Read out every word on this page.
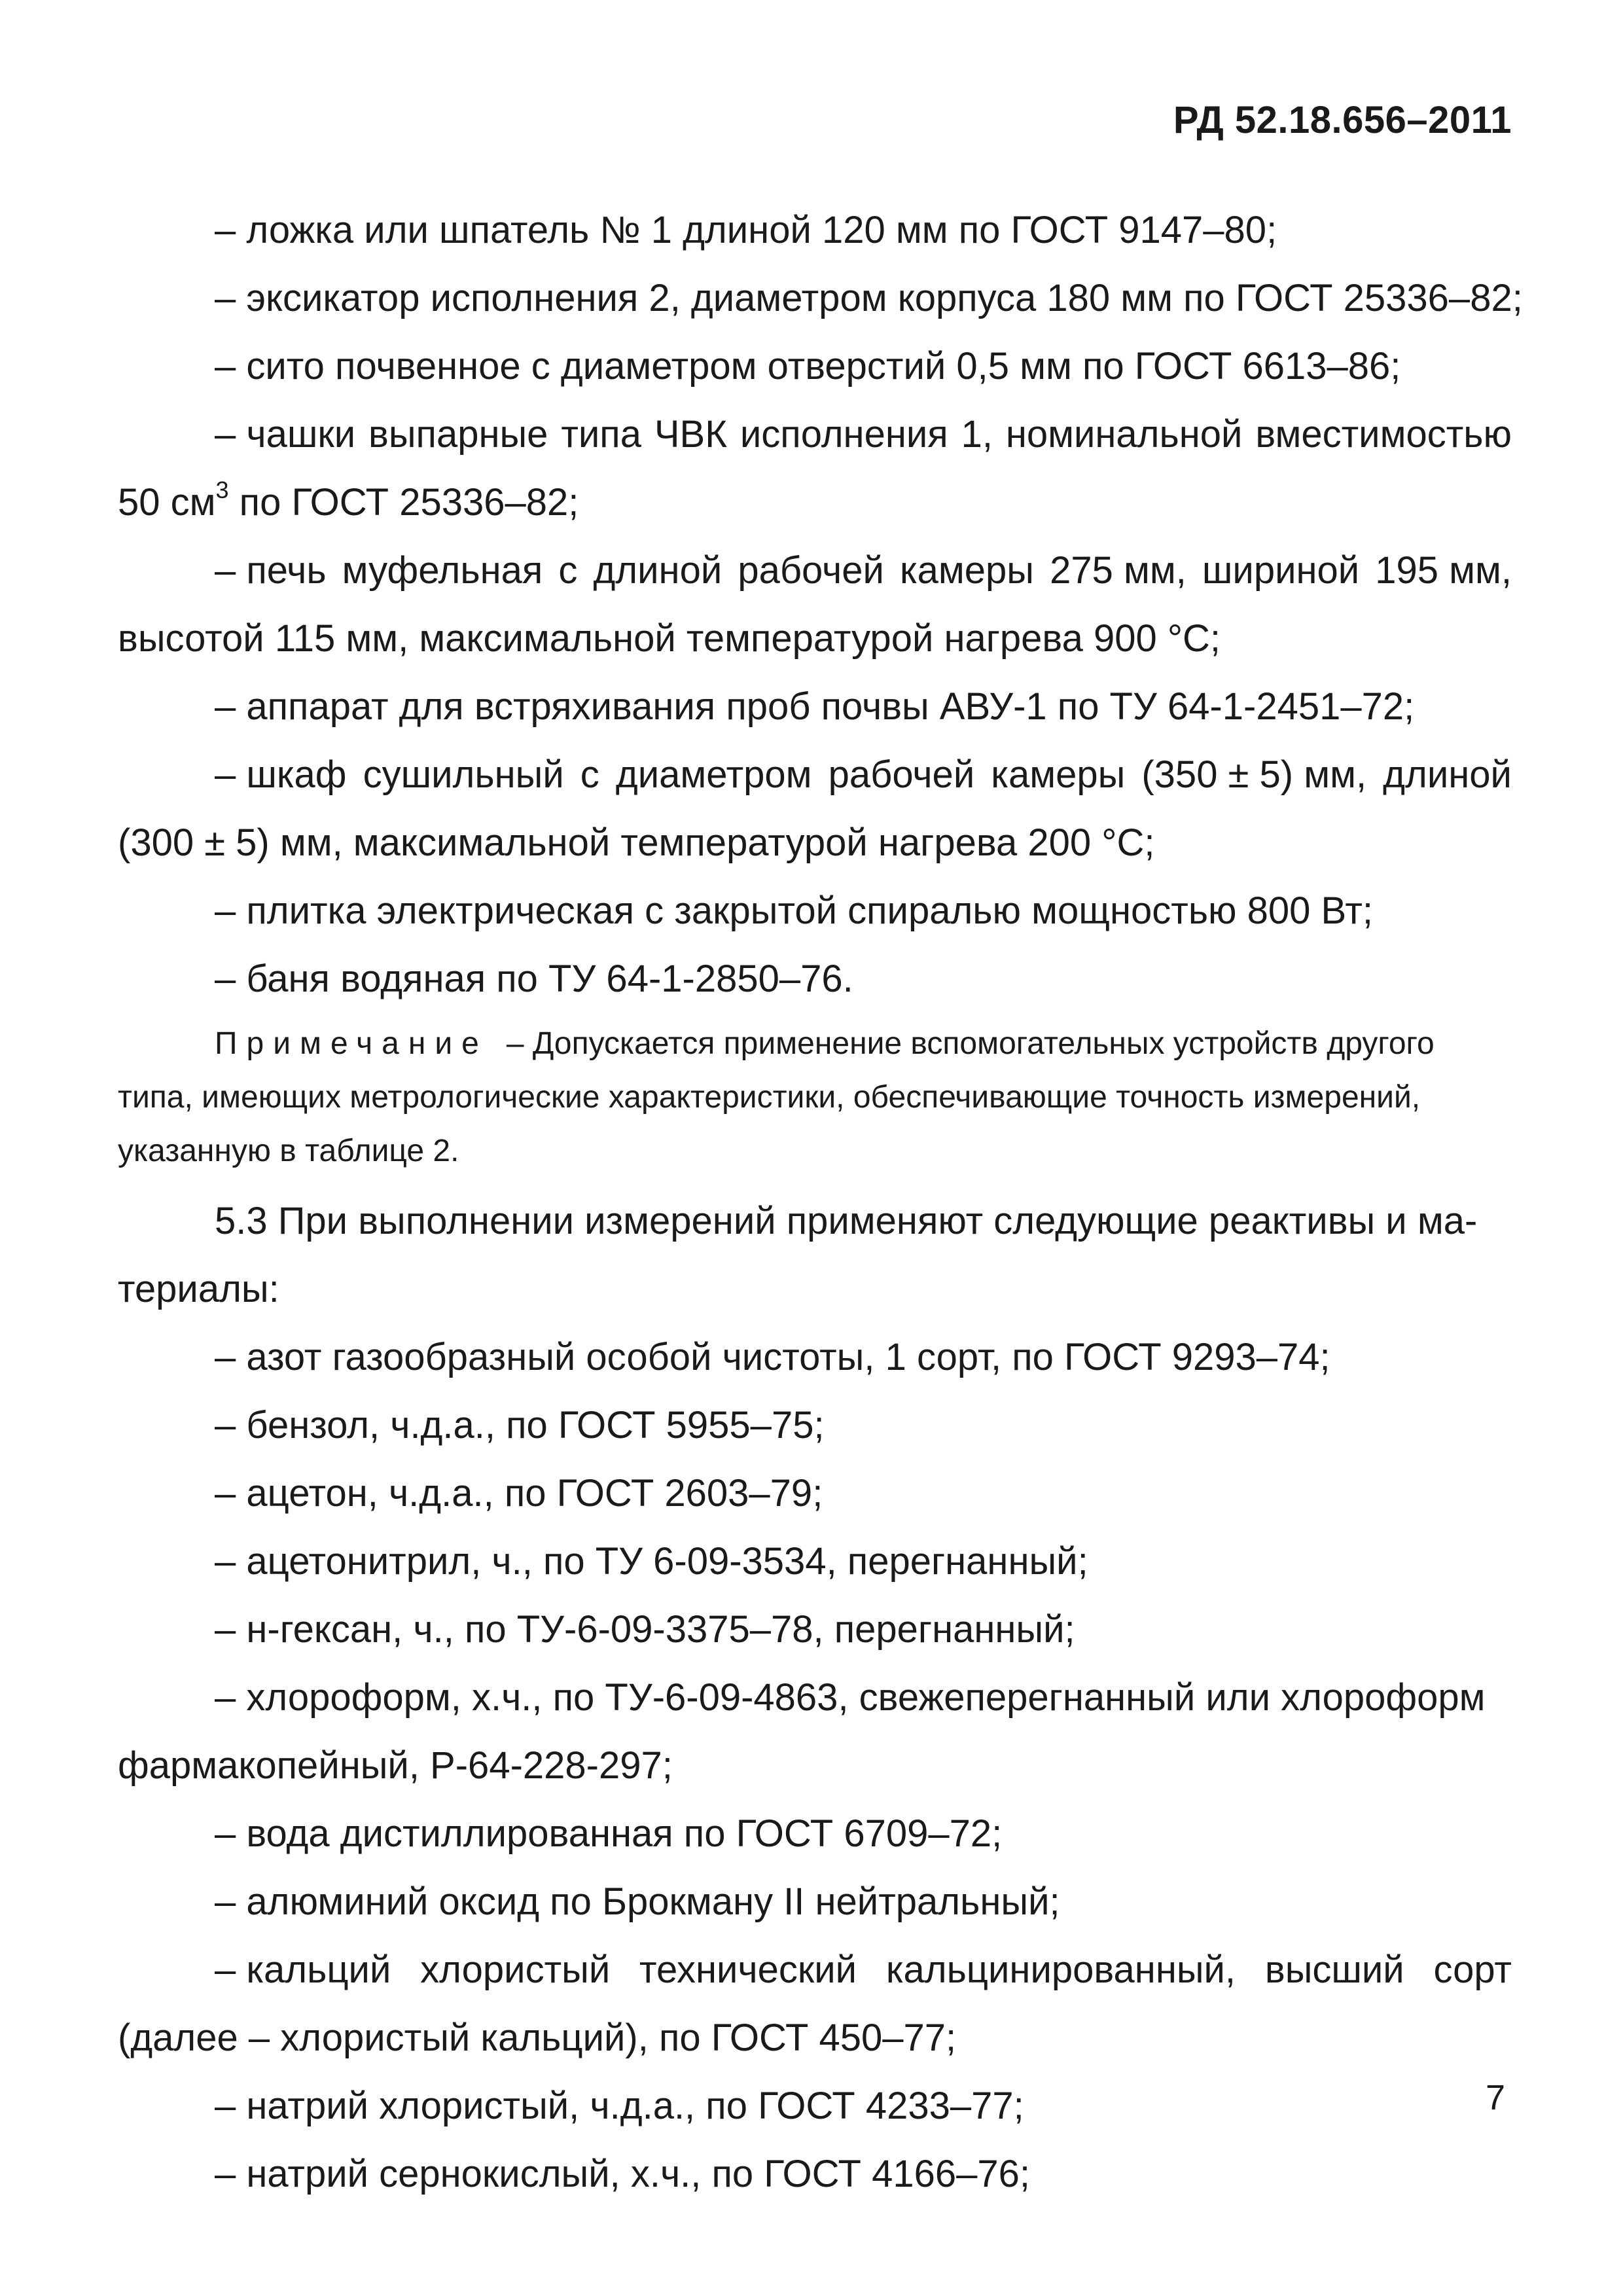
РД 52.18.656–2011
– ложка или шпатель № 1 длиной 120 мм по ГОСТ 9147–80;
– эксикатор исполнения 2, диаметром корпуса 180 мм по ГОСТ 25336–82;
– сито почвенное с диаметром отверстий 0,5 мм по ГОСТ 6613–86;
– чашки выпарные типа ЧВК исполнения 1, номинальной вместимостью
50 $см^3$ по ГОСТ 25336–82;
– печь муфельная с длиной рабочей камеры 275 мм, шириной 195 мм,
высотой 115 мм, максимальной температурой нагрева 900 °С;
– аппарат для встряхивания проб почвы АВУ-1 по ТУ 64-1-2451–72;
– шкаф сушильный с диаметром рабочей камеры (350 ± 5) мм, длиной
(300 ± 5) мм, максимальной температурой нагрева 200 °С;
– плитка электрическая с закрытой спиралью мощностью 800 Вт;
– баня водяная по ТУ 64-1-2850–76.
Примечание – Допускается применение вспомогательных устройств другого
типа, имеющих метрологические характеристики, обеспечивающие точность измерений,
указанную в таблице 2.
5.3 При выполнении измерений применяют следующие реактивы и ма-
териалы:
– азот газообразный особой чистоты, 1 сорт, по ГОСТ 9293–74;
– бензол, ч.д.а., по ГОСТ 5955–75;
– ацетон, ч.д.а., по ГОСТ 2603–79;
– ацетонитрил, ч., по ТУ 6-09-3534, перегнанный;
– н-гексан, ч., по ТУ-6-09-3375–78, перегнанный;
– хлороформ, х.ч., по ТУ-6-09-4863, свежеперегнанный или хлороформ
фармакопейный, Р-64-228-297;
– вода дистиллированная по ГОСТ 6709–72;
– алюминий оксид по Брокману II нейтральный;
– кальций хлористый технический кальцинированный, высший сорт
(далее – хлористый кальций), по ГОСТ 450–77;
– натрий хлористый, ч.д.а., по ГОСТ 4233–77;
– натрий сернокислый, х.ч., по ГОСТ 4166–76;
7
